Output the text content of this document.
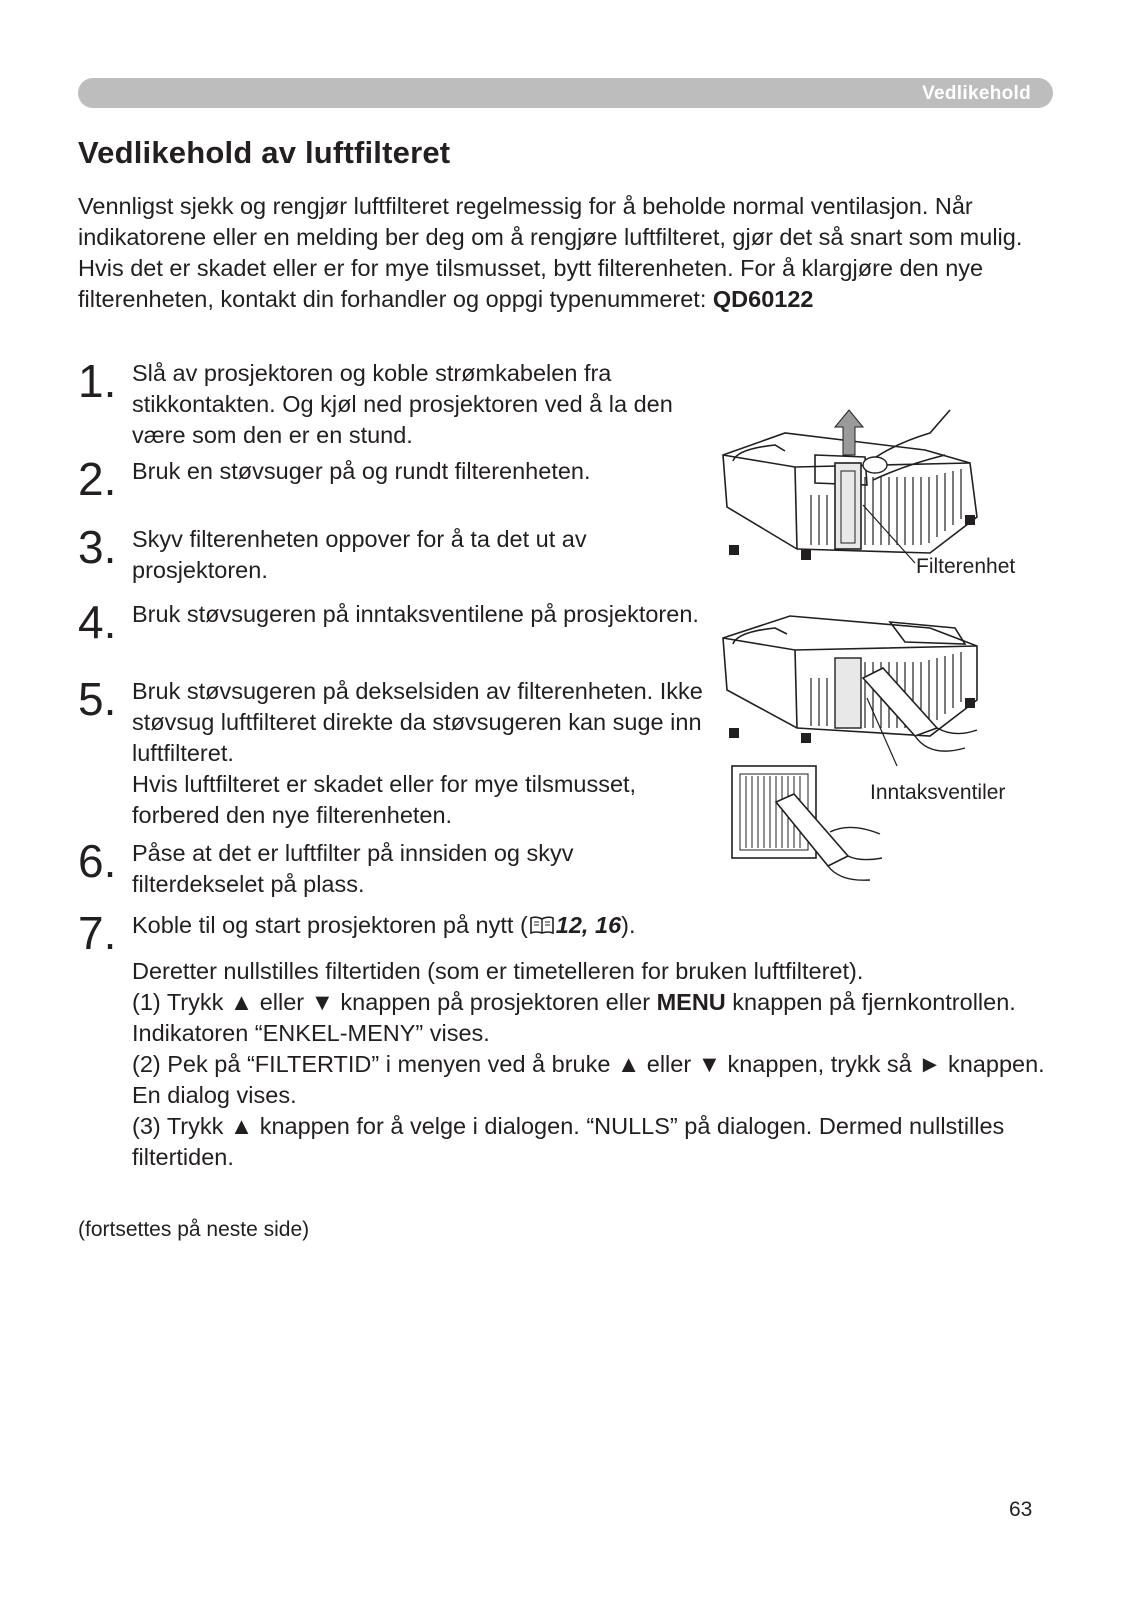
Vedlikehold
Vedlikehold av luftfilteret

Vennligst sjekk og rengjør luftfilteret regelmessig for å beholde normal ventilasjon. Når indikatorene eller en melding ber deg om å rengjøre luftfilteret, gjør det så snart som mulig.

Hvis det er skadet eller er for mye tilsmusset, bytt filterenheten. For å klargjøre den nye filterenheten, kontakt din forhandler og oppgi typenummeret: QD60122

1. Slå av prosjektoren og koble strømkabelen fra stikkontakten. Og kjøl ned prosjektoren ved å la den være som den er en stund.
2. Bruk en støvsuger på og rundt filterenheten.
3. Skyv filterenheten oppover for å ta det ut av prosjektoren.
4. Bruk støvsugeren på inntaksventilene på prosjektoren.
5. Bruk støvsugeren på dekselsiden av filterenheten. Ikke støvsug luftfilteret direkte da støvsugeren kan suge inn luftfilteret.

Hvis luftfilteret er skadet eller for mye tilsmusset, forbered den nye filterenheten.

6. Påse at det er luftfilter på innsiden og skyv filterdekselet på plass.
7. Koble til og start prosjektoren på nytt ( 12, 16).

Deretter nullstilles filtertiden (som er timetelleren for bruken luftfilteret).

(1) Trykk ▲ eller ▼ knappen på prosjektoren eller MENU knappen på fjernkontrollen. Indikatoren “ENKEL-MENY” vises.

(2) Pek på “FILTERTID” i menyen ved å bruke ▲ eller ▼ knappen, trykk så ► knappen. En dialog vises.

(3) Trykk ▲ knappen for å velge i dialogen. “NULLS” på dialogen. Dermed nullstilles filtertiden.

Filterenhet
Inntaksventiler
(fortsettes på neste side)
63
